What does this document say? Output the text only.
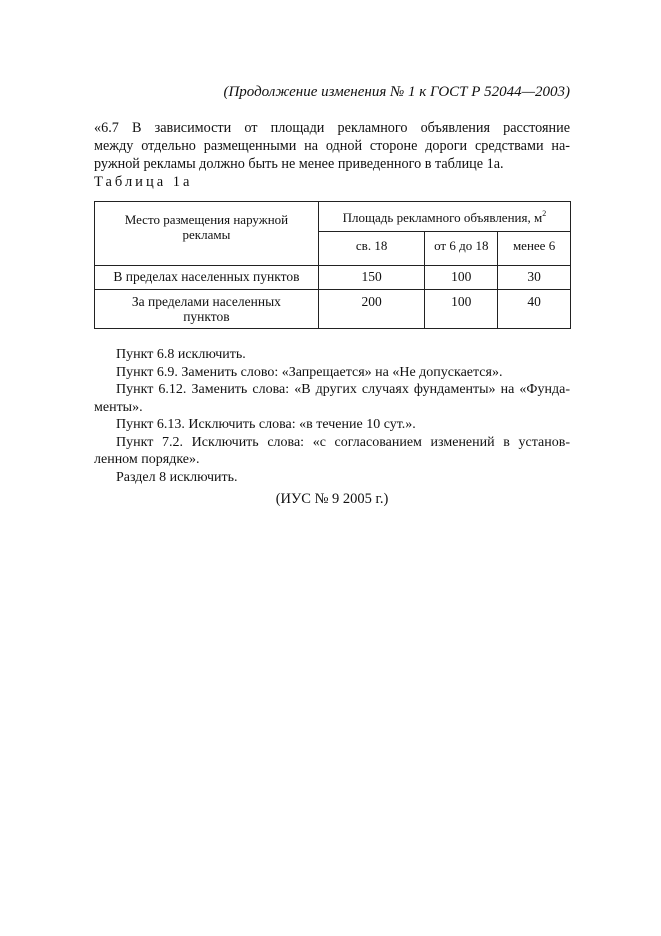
(Продолжение изменения № 1 к ГОСТ Р 52044—2003)
«6.7 В зависимости от площади рекламного объявления расстояние
между отдельно размещенными на одной стороне дороги средствами на-
ружной рекламы должно быть не менее приведенного в таблице 1а.
Таблица 1а
Место размещения наружной рекламы	Площадь рекламного объявления, $м^2$
	св. 18	от 6 до 18	менее 6
В пределах населенных пунктов	150	100	30
За пределами населенных пунктов	200	100	40

Пункт 6.8 исключить.

Пункт 6.9. Заменить слово: «Запрещается» на «Не допускается».

Пункт 6.12. Заменить слова: «В других случаях фундаменты» на «Фунда-

менты».

Пункт 6.13. Исключить слова: «в течение 10 сут.».

Пункт 7.2. Исключить слова: «с согласованием изменений в установ-

ленном порядке».

Раздел 8 исключить.

(ИУС № 9 2005 г.)
